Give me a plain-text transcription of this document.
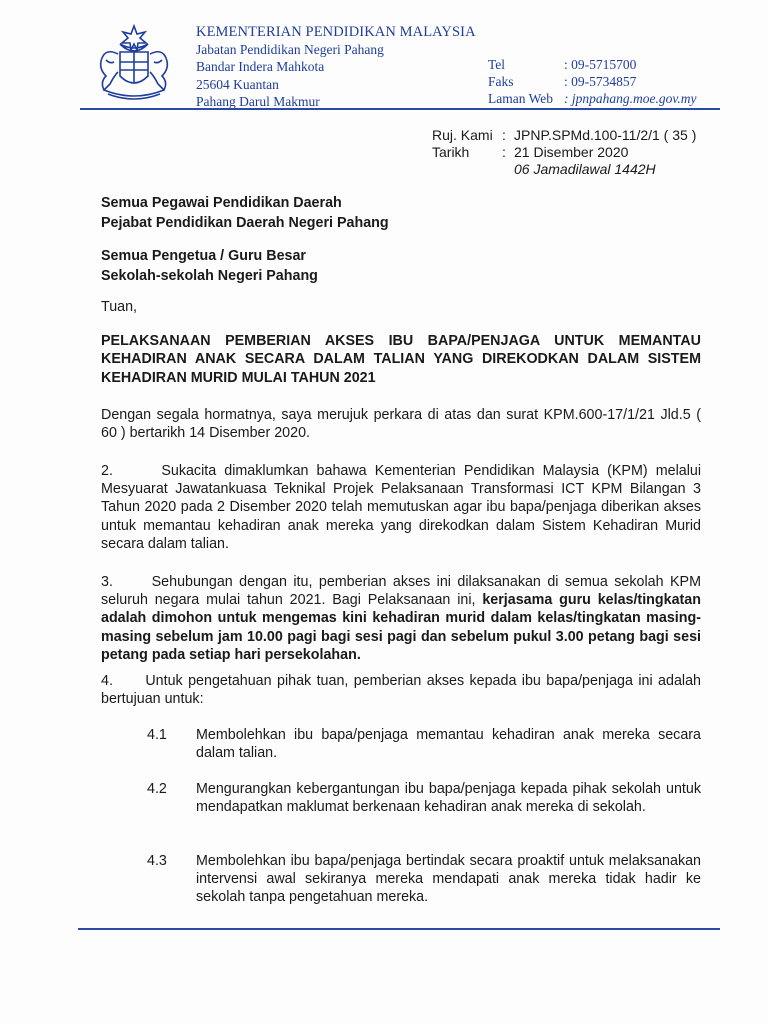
KEMENTERIAN PENDIDIKAN MALAYSIA
Jabatan Pendidikan Negeri Pahang
Bandar Indera Mahkota
25604 Kuantan
Pahang Darul Makmur
Tel	: 09-5715700
Faks	: 09-5734857
Laman Web : jpnpahang.moe.gov.my
Ruj. Kami : JPNP.SPMd.100-11/2/1 ( 35 )
Tarikh	: 21 Disember 2020
06 Jamadilawal 1442H
Semua Pegawai Pendidikan Daerah
Pejabat Pendidikan Daerah Negeri Pahang
Semua Pengetua / Guru Besar
Sekolah-sekolah Negeri Pahang
Tuan,
PELAKSANAAN PEMBERIAN AKSES IBU BAPA/PENJAGA UNTUK MEMANTAU KEHADIRAN ANAK SECARA DALAM TALIAN YANG DIREKODKAN DALAM SISTEM KEHADIRAN MURID MULAI TAHUN 2021
Dengan segala hormatnya, saya merujuk perkara di atas dan surat KPM.600-17/1/21 Jld.5 ( 60 ) bertarikh 14 Disember 2020.
2.      Sukacita dimaklumkan bahawa Kementerian Pendidikan Malaysia (KPM) melalui Mesyuarat Jawatankuasa Teknikal Projek Pelaksanaan Transformasi ICT KPM Bilangan 3 Tahun 2020 pada 2 Disember 2020 telah memutuskan agar ibu bapa/penjaga diberikan akses untuk memantau kehadiran anak mereka yang direkodkan dalam Sistem Kehadiran Murid secara dalam talian.
3.      Sehubungan dengan itu, pemberian akses ini dilaksanakan di semua sekolah KPM seluruh negara mulai tahun 2021. Bagi Pelaksanaan ini, kerjasama guru kelas/tingkatan adalah dimohon untuk mengemas kini kehadiran murid dalam kelas/tingkatan masing-masing sebelum jam 10.00 pagi bagi sesi pagi dan sebelum pukul 3.00 petang bagi sesi petang pada setiap hari persekolahan.
4.      Untuk pengetahuan pihak tuan, pemberian akses kepada ibu bapa/penjaga ini adalah bertujuan untuk:
4.1 Membolehkan ibu bapa/penjaga memantau kehadiran anak mereka secara dalam talian.
4.2 Mengurangkan kebergantungan ibu bapa/penjaga kepada pihak sekolah untuk mendapatkan maklumat berkenaan kehadiran anak mereka di sekolah.
4.3 Membolehkan ibu bapa/penjaga bertindak secara proaktif untuk melaksanakan intervensi awal sekiranya mereka mendapati anak mereka tidak hadir ke sekolah tanpa pengetahuan mereka.
